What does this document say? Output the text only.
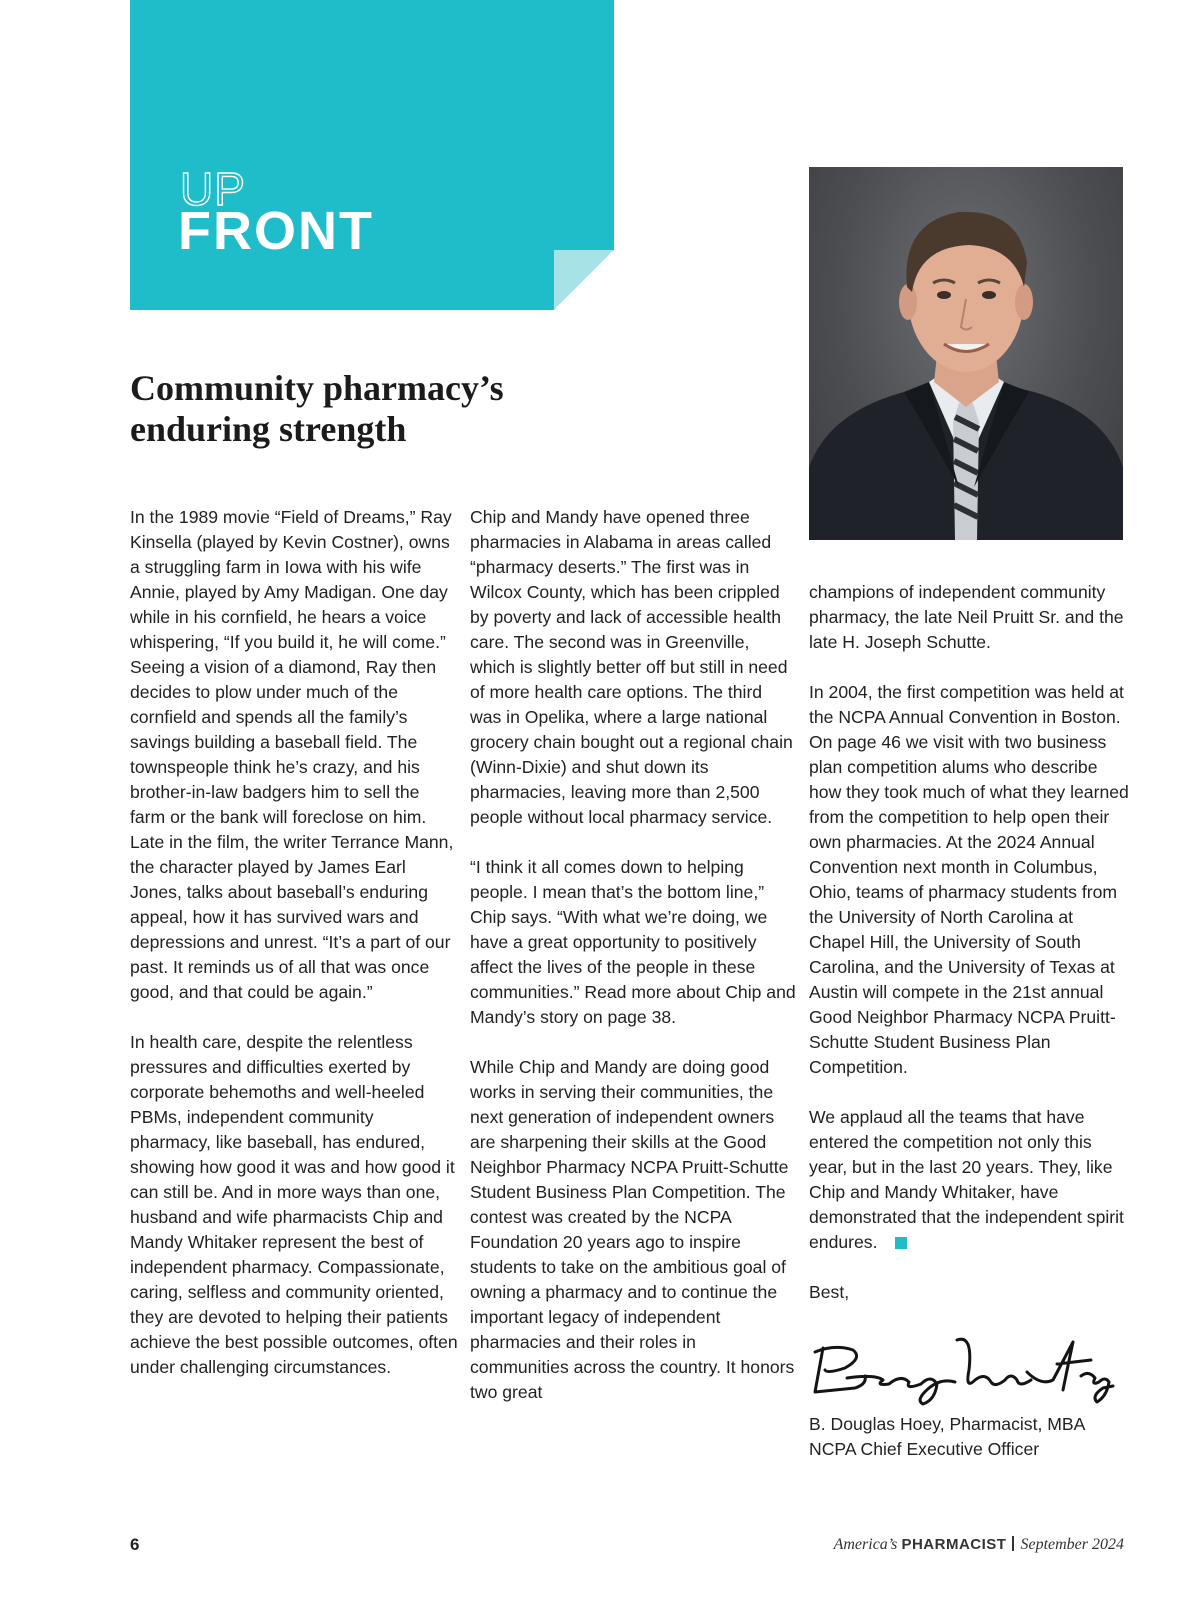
UP
FRONT
Community pharmacy’s enduring strength

In the 1989 movie “Field of Dreams,” Ray Kinsella (played by Kevin Costner), owns a struggling farm in Iowa with his wife Annie, played by Amy Madigan. One day while in his cornfield, he hears a voice whispering, “If you build it, he will come.” Seeing a vision of a diamond, Ray then decides to plow under much of the cornfield and spends all the family’s savings building a baseball field. The townspeople think he’s crazy, and his brother-in-law badgers him to sell the farm or the bank will foreclose on him. Late in the film, the writer Terrance Mann, the character played by James Earl Jones, talks about baseball’s enduring appeal, how it has survived wars and depressions and unrest. “It’s a part of our past. It reminds us of all that was once good, and that could be again.”

In health care, despite the relentless pressures and difficulties exerted by corporate behemoths and well-heeled PBMs, independent community pharmacy, like baseball, has endured, showing how good it was and how good it can still be. And in more ways than one, husband and wife pharmacists Chip and Mandy Whitaker represent the best of independent pharmacy. Compassionate, caring, selfless and community oriented, they are devoted to helping their patients achieve the best possible outcomes, often under challenging circumstances.

Chip and Mandy have opened three pharmacies in Alabama in areas called “pharmacy deserts.” The first was in Wilcox County, which has been crippled by poverty and lack of accessible health care. The second was in Greenville, which is slightly better off but still in need of more health care options. The third was in Opelika, where a large national grocery chain bought out a regional chain (Winn-Dixie) and shut down its pharmacies, leaving more than 2,500 people without local pharmacy service.

“I think it all comes down to helping people. I mean that’s the bottom line,” Chip says. “With what we’re doing, we have a great opportunity to positively affect the lives of the people in these communities.” Read more about Chip and Mandy’s story on page 38.

While Chip and Mandy are doing good works in serving their communities, the next generation of independent owners are sharpening their skills at the Good Neighbor Pharmacy NCPA Pruitt-Schutte Student Business Plan Competition. The contest was created by the NCPA Foundation 20 years ago to inspire students to take on the ambitious goal of owning a pharmacy and to continue the important legacy of independent pharmacies and their roles in communities across the country. It honors two great

champions of independent community pharmacy, the late Neil Pruitt Sr. and the late H. Joseph Schutte.

In 2004, the first competition was held at the NCPA Annual Convention in Boston. On page 46 we visit with two business plan competition alums who describe how they took much of what they learned from the competition to help open their own pharmacies. At the 2024 Annual Convention next month in Columbus, Ohio, teams of pharmacy students from the University of North Carolina at Chapel Hill, the University of South Carolina, and the University of Texas at Austin will compete in the 21st annual Good Neighbor Pharmacy NCPA Pruitt-Schutte Student Business Plan Competition.

We applaud all the teams that have entered the competition not only this year, but in the last 20 years. They, like Chip and Mandy Whitaker, have demonstrated that the independent spirit endures.

Best,

B. Douglas Hoey, Pharmacist, MBA
NCPA Chief Executive Officer
6	America’s PHARMACIST September 2024
